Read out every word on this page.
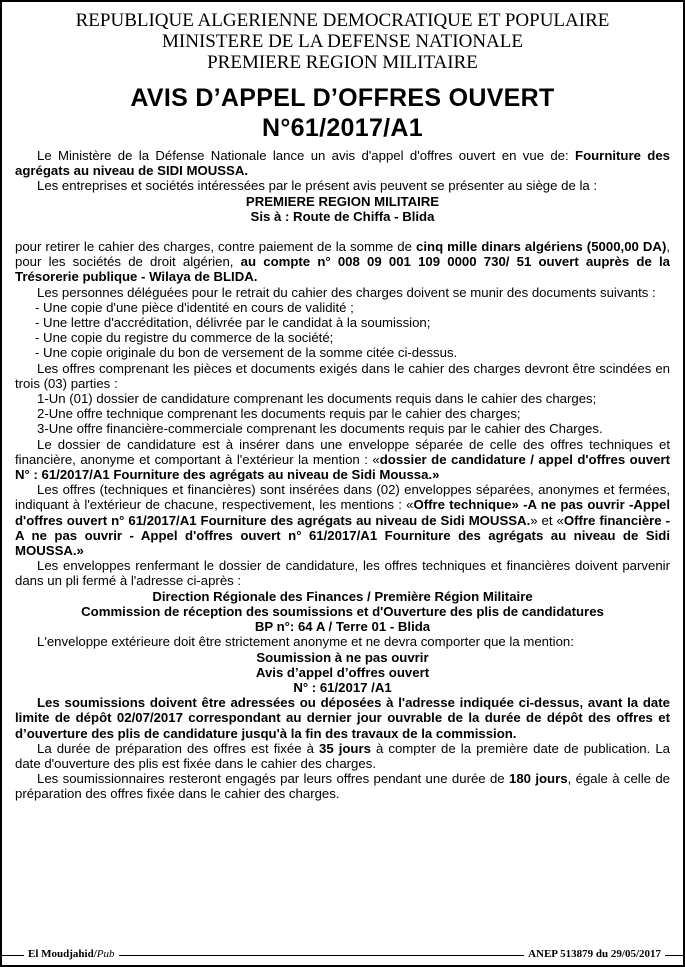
REPUBLIQUE ALGERIENNE DEMOCRATIQUE ET POPULAIRE
MINISTERE DE LA DEFENSE NATIONALE
PREMIERE REGION MILITAIRE
AVIS D’APPEL D’OFFRES OUVERT
N°61/2017/A1

Le Ministère de la Défense Nationale lance un avis d'appel d'offres ouvert en vue de: Fourniture des agrégats au niveau de SIDI MOUSSA.

Les entreprises et sociétés intéressées par le présent avis peuvent se présenter au siège de la :

PREMIERE REGION MILITAIRE

Sis à : Route de Chiffa - Blida

pour retirer le cahier des charges, contre paiement de la somme de cinq mille dinars algériens (5000,00 DA), pour les sociétés de droit algérien, au compte n° 008 09 001 109 0000 730/ 51 ouvert auprès de la Trésorerie publique - Wilaya de BLIDA.

Les personnes déléguées pour le retrait du cahier des charges doivent se munir des documents suivants :

- Une copie d'une pièce d'identité en cours de validité ;

- Une lettre d'accréditation, délivrée par le candidat à la soumission;

- Une copie du registre du commerce de la société;

- Une copie originale du bon de versement de la somme citée ci-dessus.

Les offres comprenant les pièces et documents exigés dans le cahier des charges devront être scindées en trois (03) parties :

1-Un (01) dossier de candidature comprenant les documents requis dans le cahier des charges;

2-Une offre technique comprenant les documents requis par le cahier des charges;

3-Une offre financière-commerciale comprenant les documents requis par le cahier des Charges.

Le dossier de candidature est à insérer dans une enveloppe séparée de celle des offres techniques et financière, anonyme et comportant à l'extérieur la mention : «dossier de candidature / appel d'offres ouvert N° : 61/2017/A1 Fourniture des agrégats au niveau de Sidi Moussa.»

Les offres (techniques et financières) sont insérées dans (02) enveloppes séparées, anonymes et fermées, indiquant à l'extérieur de chacune, respectivement, les mentions : «Offre technique» -A ne pas ouvrir -Appel d'offres ouvert n° 61/2017/A1 Fourniture des agrégats au niveau de Sidi MOUSSA.» et «Offre financière - A ne pas ouvrir - Appel d'offres ouvert n° 61/2017/A1 Fourniture des agrégats au niveau de Sidi MOUSSA.»

Les enveloppes renfermant le dossier de candidature, les offres techniques et financières doivent parvenir dans un pli fermé à l'adresse ci-après :

Direction Régionale des Finances / Première Région Militaire

Commission de réception des soumissions et d'Ouverture des plis de candidatures

BP n°: 64 A / Terre 01 - Blida

L'enveloppe extérieure doit être strictement anonyme et ne devra comporter que la mention:

Soumission à ne pas ouvrir

Avis d’appel d’offres ouvert

N° : 61/2017 /A1

Les soumissions doivent être adressées ou déposées à l'adresse indiquée ci-dessus, avant la date limite de dépôt 02/07/2017 correspondant au dernier jour ouvrable de la durée de dépôt des offres et d’ouverture des plis de candidature jusqu'à la fin des travaux de la commission.

La durée de préparation des offres est fixée à 35 jours à compter de la première date de publication. La date d'ouverture des plis est fixée dans le cahier des charges.

Les soumissionnaires resteront engagés par leurs offres pendant une durée de 180 jours, égale à celle de préparation des offres fixée dans le cahier des charges.

El Moudjahid/Pub	ANEP 513879 du 29/05/2017
